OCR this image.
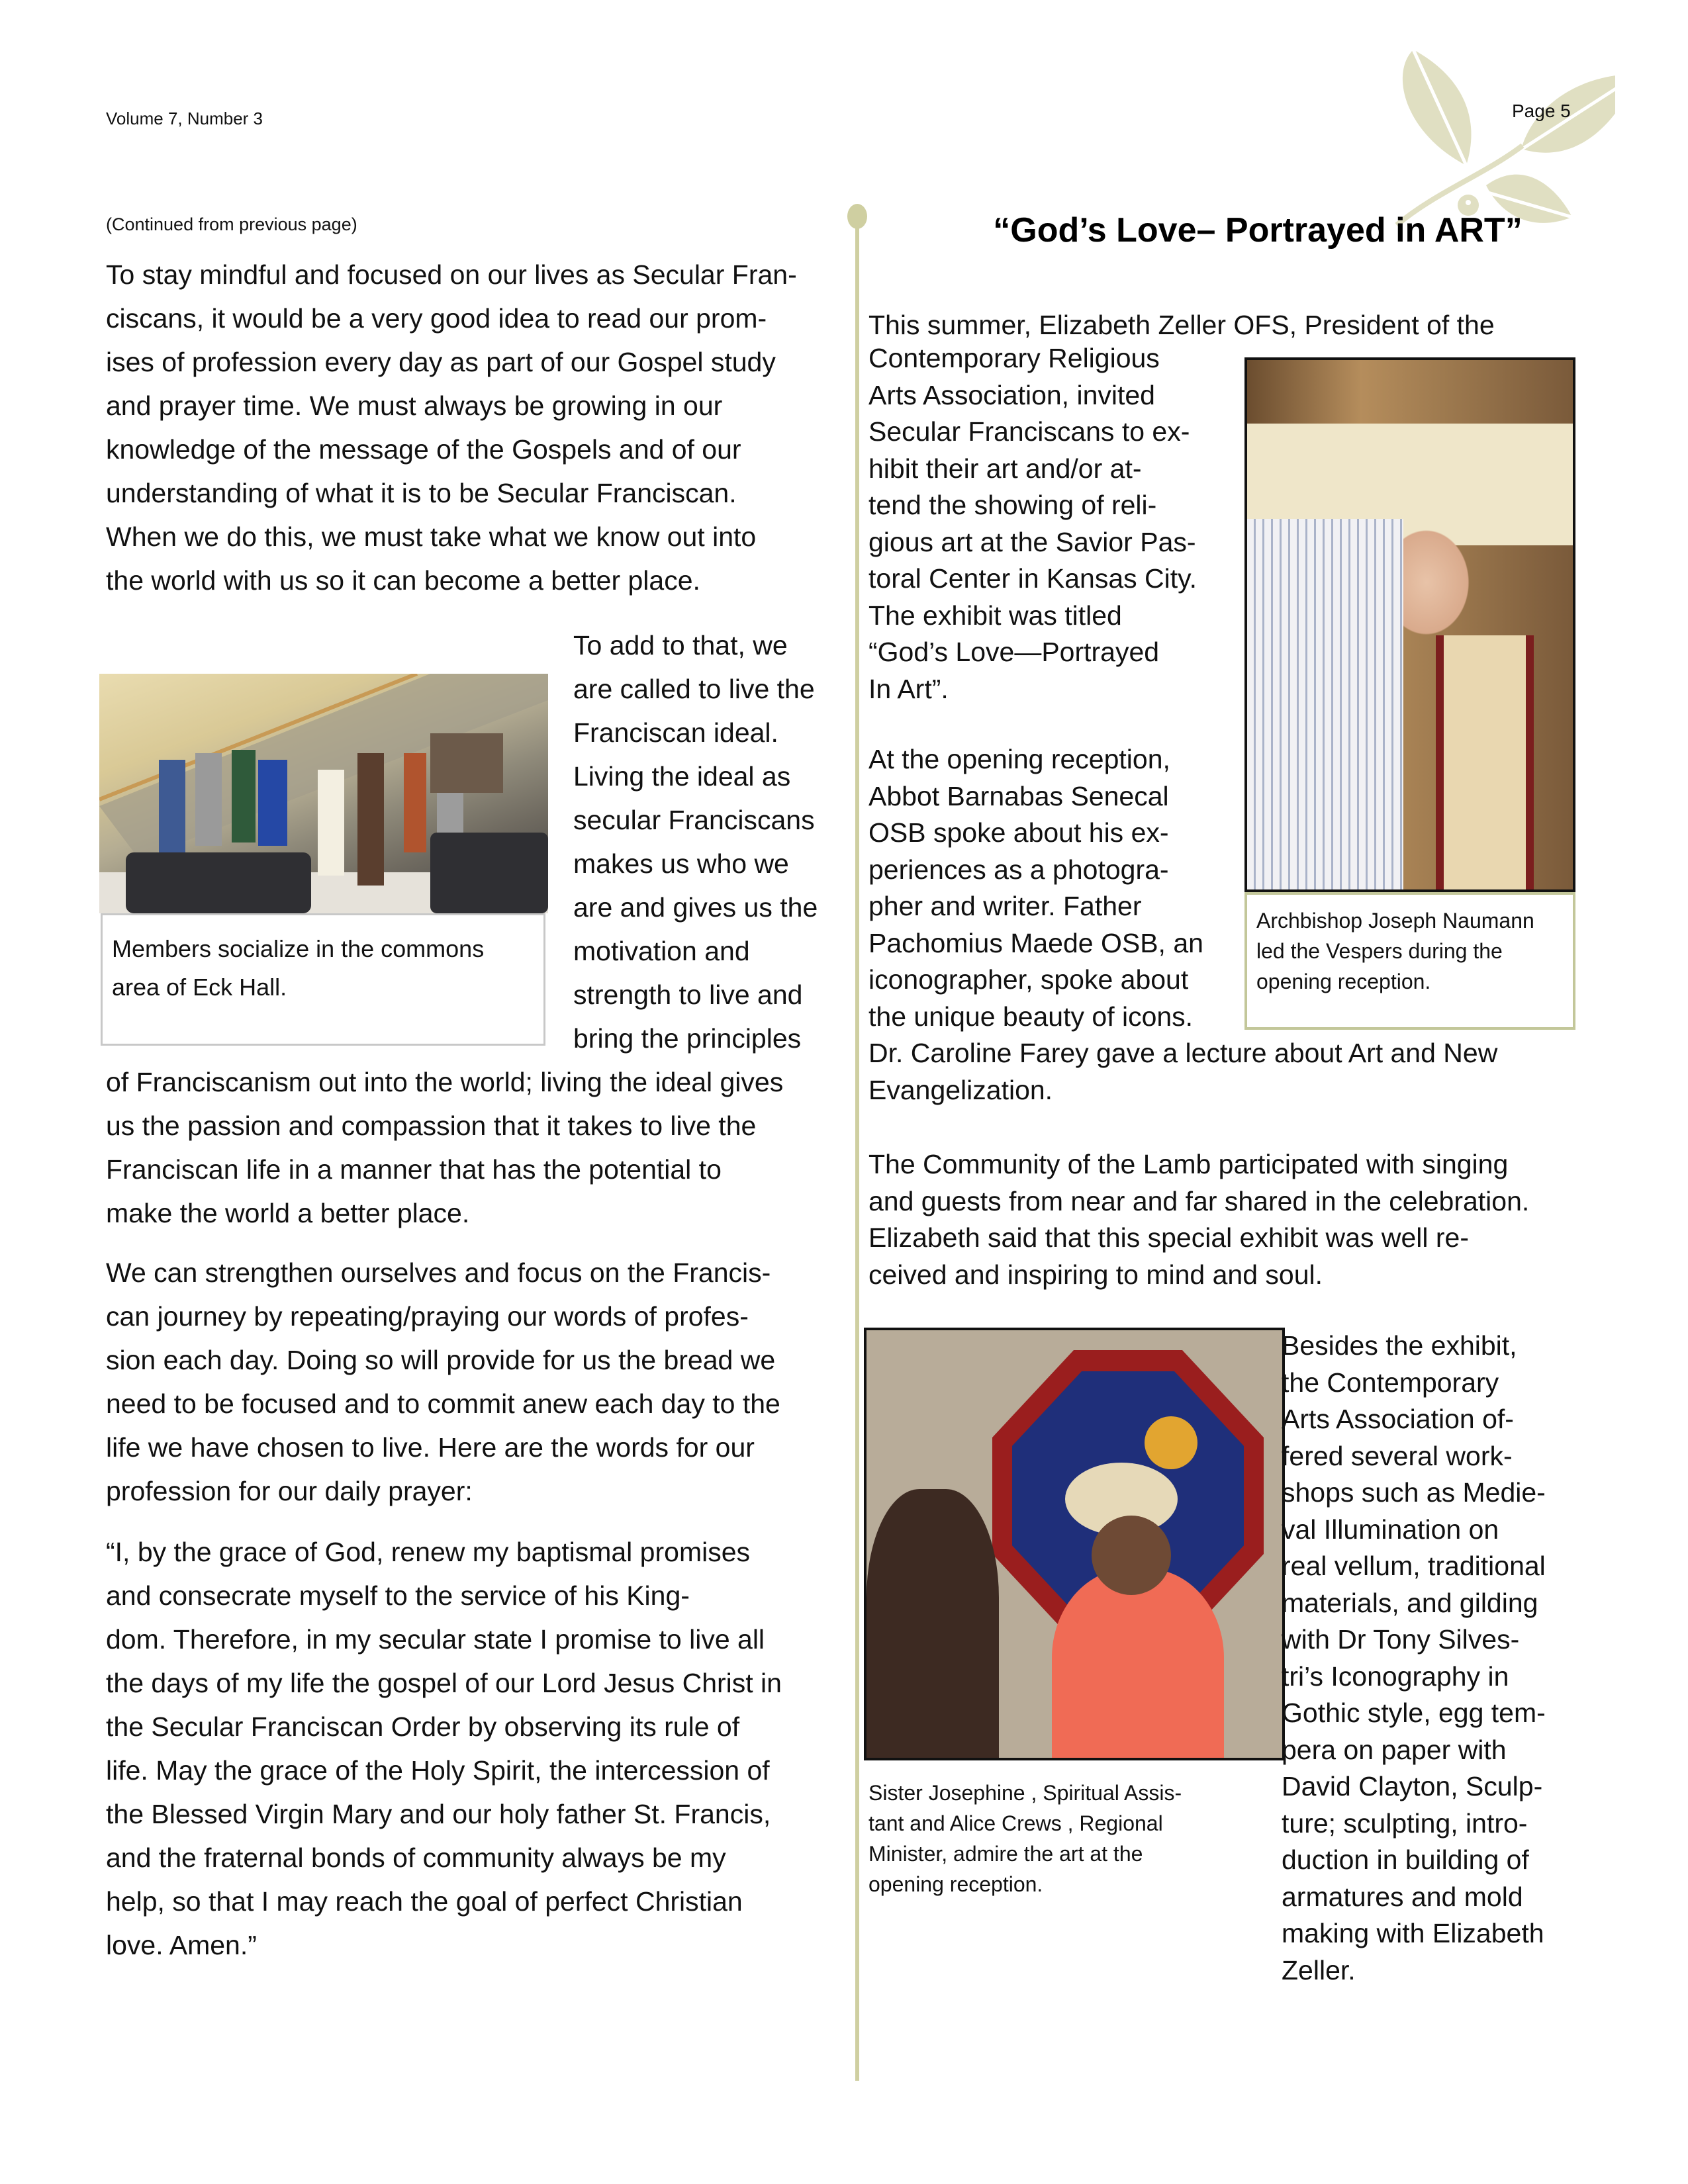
Volume 7, Number 3	Page 5
(Continued from previous page)

To stay mindful and focused on our lives as Secular Fran-

ciscans, it would be a very good idea to read our prom-

ises of profession every day as part of our Gospel study

and prayer time. We must always be growing in our

knowledge of the message of the Gospels and of our

understanding of what it is to be Secular Franciscan.

When we do this, we must take what we know out into

the world with us so it can become a better place.

Members socialize in the commons
area of Eck Hall.

To add to that, we

are called to live the

Franciscan ideal.

Living the ideal as

secular Franciscans

makes us who we

are and gives us the

motivation and

strength to live and

bring the principles

of Franciscanism out into the world; living the ideal gives

us the passion and compassion that it takes to live the

Franciscan life in a manner that has the potential to

make the world a better place.

We can strengthen ourselves and focus on the Francis-

can journey by repeating/praying our words of profes-

sion each day. Doing so will provide for us the bread we

need to be focused and to commit anew each day to the

life we have chosen to live. Here are the words for our

profession for our daily prayer:

“I, by the grace of God, renew my baptismal promises

and consecrate myself to the service of his King-

dom. Therefore, in my secular state I promise to live all

the days of my life the gospel of our Lord Jesus Christ in

the Secular Franciscan Order by observing its rule of

life. May the grace of the Holy Spirit, the intercession of

the Blessed Virgin Mary and our holy father St. Francis,

and the fraternal bonds of community always be my

help, so that I may reach the goal of perfect Christian

love. Amen.”

“God’s Love– Portrayed in ART”

This summer, Elizabeth Zeller OFS, President of the

Contemporary Religious

Arts Association, invited

Secular Franciscans to ex-

hibit their art and/or at-

tend the showing of reli-

gious art at the Savior Pas-

toral Center in Kansas City.

The exhibit was titled

“God’s Love—Portrayed

In Art”.

At the opening reception,

Abbot Barnabas Senecal

OSB spoke about his ex-

periences as a photogra-

pher and writer. Father

Pachomius Maede OSB, an

iconographer, spoke about

the unique beauty of icons.

Dr. Caroline Farey gave a lecture about Art and New

Evangelization.

The Community of the Lamb participated with singing

and guests from near and far shared in the celebration.

Elizabeth said that this special exhibit was well re-

ceived and inspiring to mind and soul.

Archbishop Joseph Naumann
led the Vespers during the
opening reception.
Sister Josephine , Spiritual Assis-
tant and Alice Crews , Regional
Minister, admire the art at the
opening reception.

Besides the exhibit,

the Contemporary

Arts Association of-

fered several work-

shops such as Medie-

val Illumination on

real vellum, traditional

materials, and gilding

with Dr Tony Silves-

tri’s Iconography in

Gothic style, egg tem-

pera on paper with

David Clayton, Sculp-

ture; sculpting, intro-

duction in building of

armatures and mold

making with Elizabeth

Zeller.
